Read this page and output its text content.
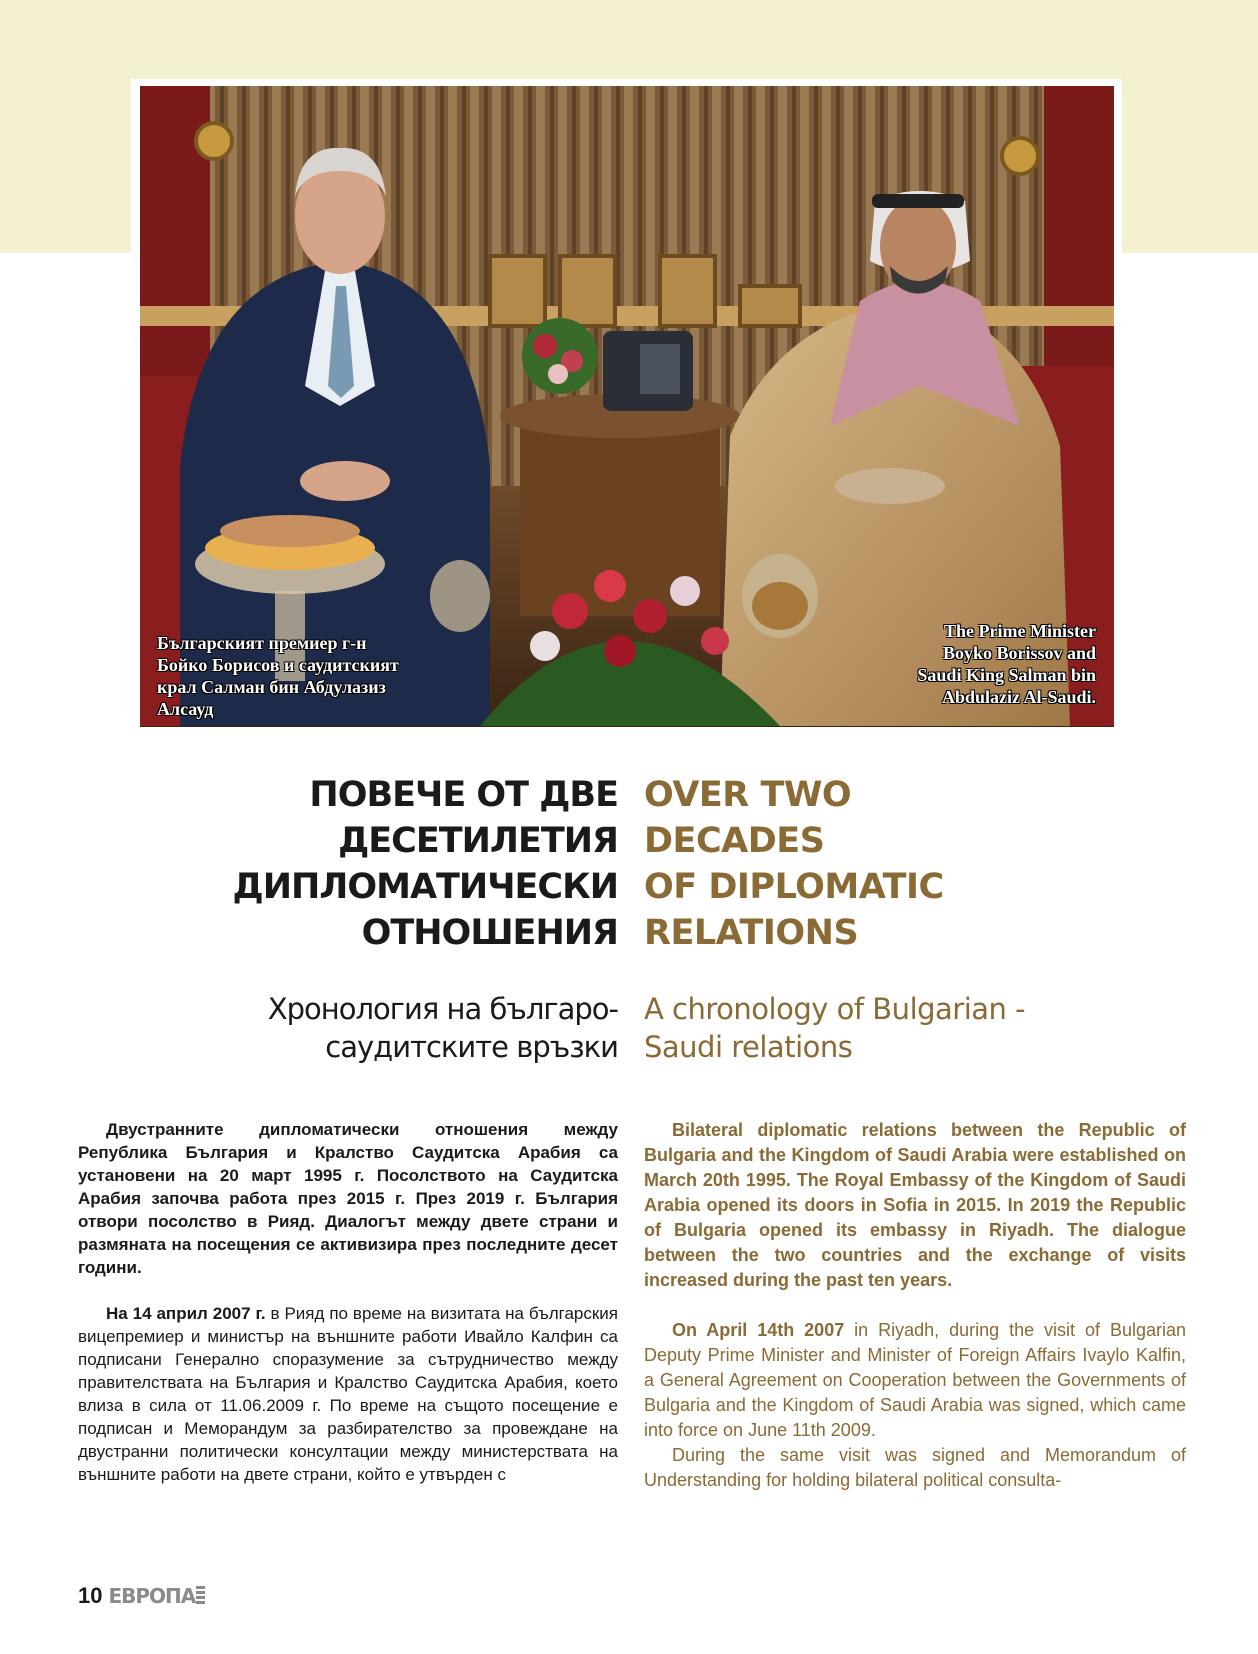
Българският премиер г-н
Бойко Борисов и саудитският
крал Салман бин Абдулазиз
Алсауд
The Prime Minister
Boyko Borissov and
Saudi King Salman bin
Abdulaziz Al-Saudi.
ПОВЕЧЕ ОТ ДВЕ
ДЕСЕТИЛЕТИЯ
ДИПЛОМАТИЧЕСКИ
ОТНОШЕНИЯ
OVER TWO
DECADES
OF DIPLOMATIC
RELATIONS
Хронология на българо-
саудитските връзки
A chronology of Bulgarian -
Saudi relations

Двустранните дипломатически отношения между Република България и Кралство Саудитска Арабия са установени на 20 март 1995 г. Посолството на Саудитска Арабия започва работа през 2015 г. През 2019 г. България отвори посолство в Рияд. Диалогът между двете страни и размяната на посещения се активизира през последните десет години.

На 14 април 2007 г. в Рияд по време на визитата на българския вицепремиер и министър на външните работи Ивайло Калфин са подписани Генерално споразумение за сътрудничество между правителствата на България и Кралство Саудитска Арабия, което влиза в сила от 11.06.2009 г. По време на същото посещение е подписан и Меморандум за разбирателство за провеждане на двустранни политически консултации между министерствата на външните работи на двете страни, който е утвърден с

Bilateral diplomatic relations between the Republic of Bulgaria and the Kingdom of Saudi Arabia were established on March 20th 1995. The Royal Embassy of the Kingdom of Saudi Arabia opened its doors in Sofia in 2015. In 2019 the Republic of Bulgaria opened its embassy in Riyadh. The dialogue between the two countries and the exchange of visits increased during the past ten years.

On April 14th 2007 in Riyadh, during the visit of Bulgarian Deputy Prime Minister and Minister of Foreign Affairs Ivaylo Kalfin, a General Agreement on Cooperation between the Governments of Bulgaria and the Kingdom of Saudi Arabia was signed, which came into force on June 11th 2009.

During the same visit was signed and Memorandum of Understanding for holding bilateral political consulta-

10 ЕВРОПА
